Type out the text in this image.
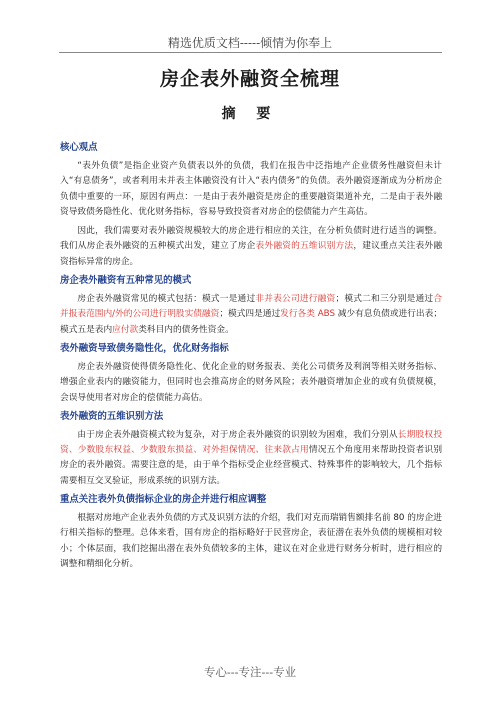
精选优质文档-----倾情为你奉上
房企表外融资全梳理
摘 要
核心观点

“表外负债”是指企业资产负债表以外的负债，我们在报告中泛指地产企业债务性融资但未计入“有息债务”，或者利用未并表主体融资没有计入“表内债务”的负债。表外融资逐渐成为分析房企负债中重要的一环，原因有两点：一是由于表外融资是房企的重要融资渠道补充，二是由于表外融资导致债务隐性化、优化财务指标，容易导致投资者对房企的偿债能力产生高估。

因此，我们需要对表外融资规模较大的房企进行相应的关注，在分析负债时进行适当的调整。我们从房企表外融资的五种模式出发，建立了房企表外融资的五维识别方法，建议重点关注表外融资指标异常的房企。

房企表外融资有五种常见的模式

房企表外融资常见的模式包括：模式一是通过非并表公司进行融资；模式二和三分别是通过合并报表范围内/外的公司进行明股实债融资；模式四是通过发行各类 ABS 减少有息负债或进行出表；模式五是表内应付款类科目内的债务性资金。

表外融资导致债务隐性化，优化财务指标

房企表外融资使得债务隐性化、优化企业的财务报表、美化公司债务及利润等相关财务指标、增强企业表内的融资能力，但同时也会推高房企的财务风险；表外融资增加企业的或有负债规模，会误导使用者对房企的偿债能力高估。

表外融资的五维识别方法

由于房企表外融资模式较为复杂，对于房企表外融资的识别较为困难，我们分别从长期股权投资、少数股东权益、少数股东损益、对外担保情况、往来款占用情况五个角度用来帮助投资者识别房企的表外融资。需要注意的是，由于单个指标受企业经营模式、特殊事件的影响较大，几个指标需要相互交叉验证，形成系统的识别方法。

重点关注表外负债指标企业的房企并进行相应调整

根据对房地产企业表外负债的方式及识别方法的介绍，我们对克而瑞销售额排名前 80 的房企进行相关指标的整理。总体来看，国有房企的指标略好于民营房企，表征潜在表外负债的规模相对较小；个体层面，我们挖掘出潜在表外负债较多的主体，建议在对企业进行财务分析时，进行相应的调整和精细化分析。

专心---专注---专业
